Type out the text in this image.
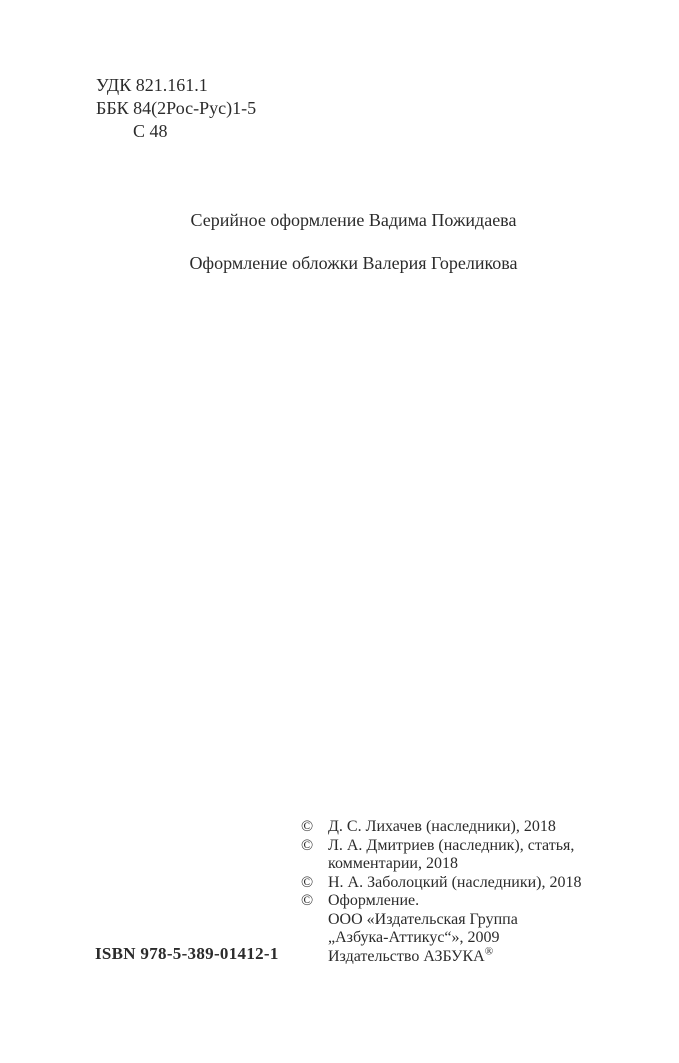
УДК 821.161.1
ББК 84(2Рос-Рус)1-5
С 48
Серийное оформление Вадима Пожидаева
Оформление обложки Валерия Гореликова
© Д. С. Лихачев (наследники), 2018
© Л. А. Дмитриев (наследник), статья,
комментарии, 2018
© Н. А. Заболоцкий (наследники), 2018
© Оформление.
ООО «Издательская Группа
„Азбука-Аттикус“», 2009
Издательство АЗБУКА®
ISBN 978-5-389-01412-1
